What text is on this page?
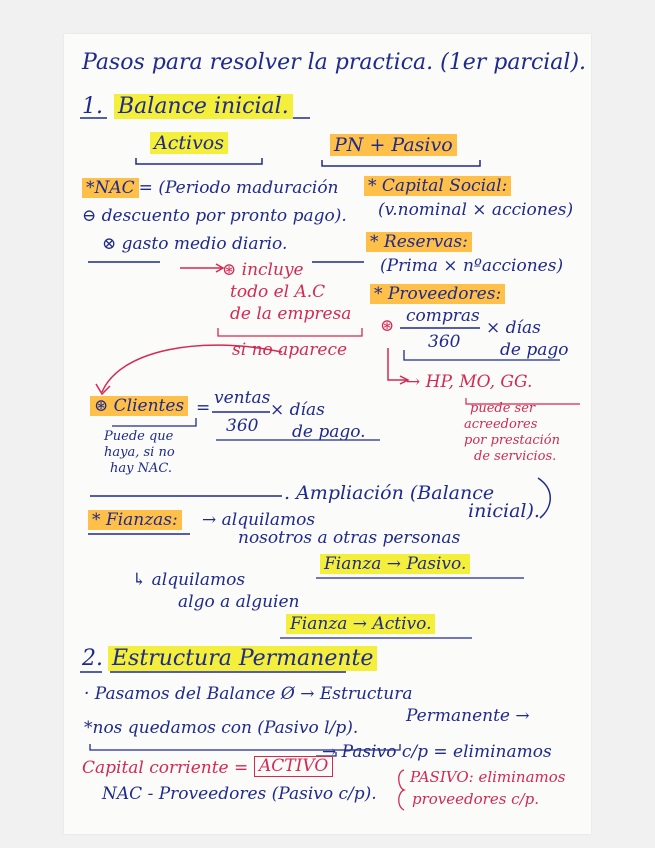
Pasos para resolver la practica. (1er parcial).
1. Balance inicial.
Activos	PN + Pasivo
*NAC = (Periodo maduración
⊖ descuento por pronto pago).
⊗ gasto medio diario.
⊛ incluye
todo el A.C
de la empresa
si no aparece
* Capital Social:
(v.nominal × acciones)
* Reservas:
(Prima × nºacciones)
* Proveedores:
compras
360
× días
de pago
⊛
→ HP, MO, GG.
puede ser
acreedores
por prestación
de servicios.
⊛ Clientes = ventas
360
× días
de pago.
Puede que
haya, si no
hay NAC.
. Ampliación (Balance
inicial).
* Fianzas: → alquilamos
nosotros a otras personas
Fianza → Pasivo.
↳ alquilamos
algo a alguien
Fianza → Activo.
2. Estructura Permanente
· Pasamos del Balance Ø → Estructura
Permanente →
*nos quedamos con (Pasivo l/p).
→ Pasivo c/p = eliminamos
Capital corriente = ACTIVO
NAC - Proveedores (Pasivo c/p).
PASIVO: eliminamos
proveedores c/p.
